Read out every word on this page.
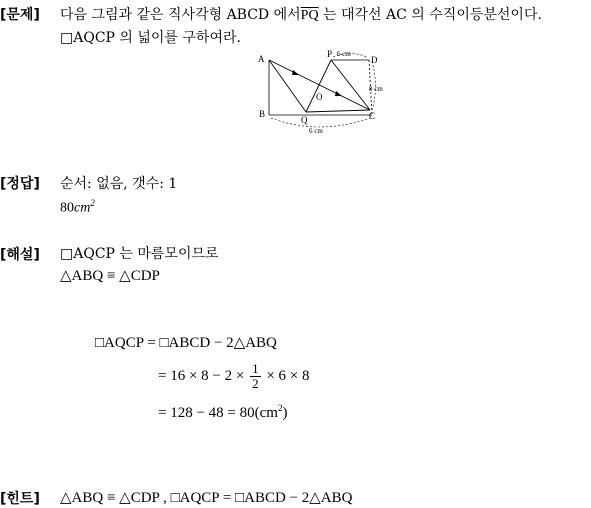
[문제] 다음 그림과 같은 직사각형 ABCD 에서$\overline{PQ}$ 는 대각선 AC 의 수직이등분선이다.
□AQCP 의 넓이를 구하여라.
A
B	C
D
P
Q
O
6 cm
8 cm
6 cm
[정답] 순서: 없음, 갯수: 1
$80cm^2$
[해설] □AQCP 는 마름모이므로
△ABQ ≡ △CDP
□AQCP = □ABCD − 2△ABQ
= $16 \times 8 - 2 \times \frac{1}{2} \times 6 \times 8$
= $128 - 48 = 80(cm^2)$
[힌트] △ABQ ≡ △CDP , □AQCP = □ABCD − 2△ABQ
